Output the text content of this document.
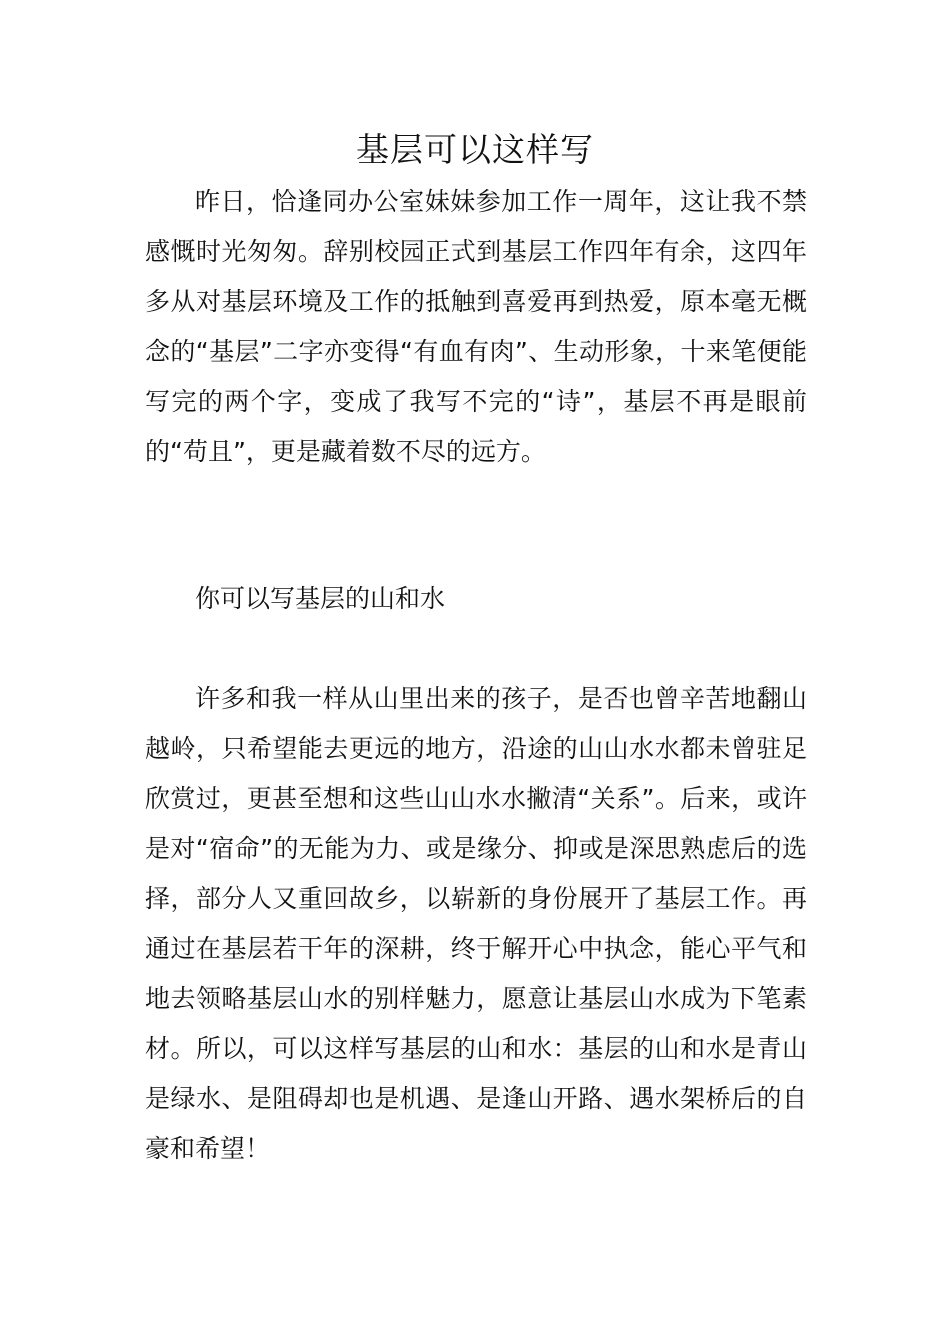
基层可以这样写

昨日，恰逢同办公室妹妹参加工作一周年，这让我不禁感慨时光匆匆。辞别校园正式到基层工作四年有余，这四年多从对基层环境及工作的抵触到喜爱再到热爱，原本毫无概念的“基层”二字亦变得“有血有肉”、生动形象，十来笔便能写完的两个字，变成了我写不完的“诗”，基层不再是眼前的“苟且”，更是藏着数不尽的远方。

你可以写基层的山和水

许多和我一样从山里出来的孩子，是否也曾辛苦地翻山越岭，只希望能去更远的地方，沿途的山山水水都未曾驻足欣赏过，更甚至想和这些山山水水撇清“关系”。后来，或许是对“宿命”的无能为力、或是缘分、抑或是深思熟虑后的选择，部分人又重回故乡，以崭新的身份展开了基层工作。再通过在基层若干年的深耕，终于解开心中执念，能心平气和地去领略基层山水的别样魅力，愿意让基层山水成为下笔素材。所以，可以这样写基层的山和水：基层的山和水是青山是绿水、是阻碍却也是机遇、是逢山开路、遇水架桥后的自豪和希望！
